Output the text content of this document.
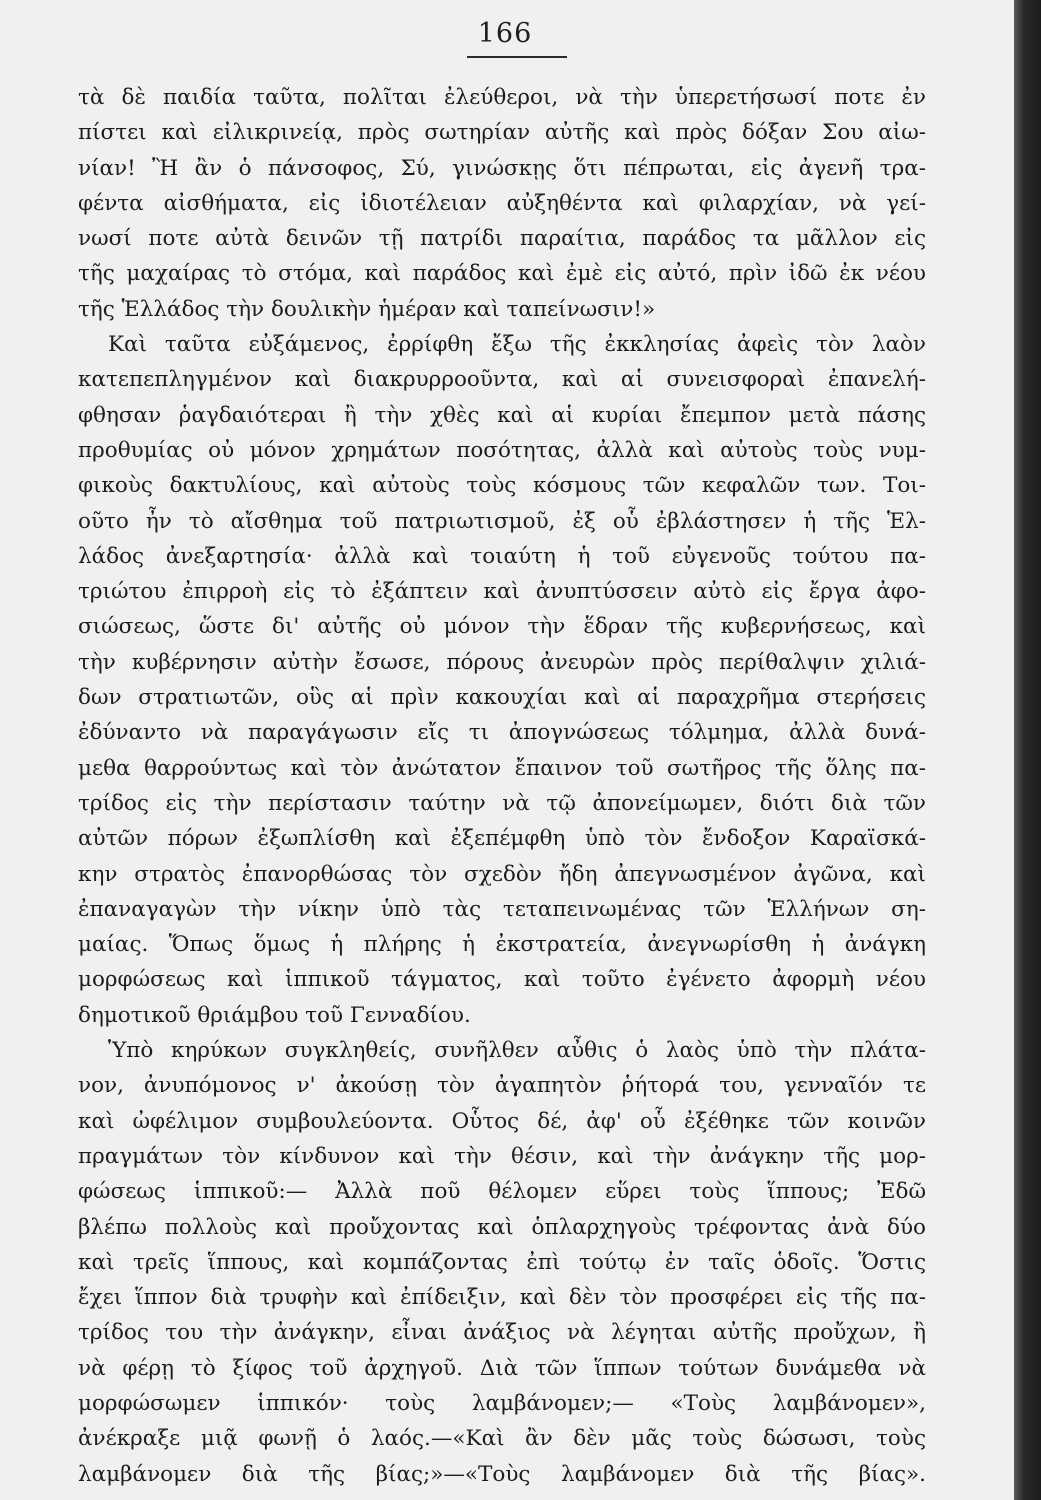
166
τὰ δὲ παιδία ταῦτα, πολῖται ἐλεύθεροι, νὰ τὴν ὑπερετήσωσί ποτε ἐν
πίστει καὶ εἰλικρινείᾳ, πρὸς σωτηρίαν αὐτῆς καὶ πρὸς δόξαν Σου αἰω-
νίαν! Ἢ ἂν ὁ πάνσοφος, Σύ, γινώσκῃς ὅτι πέπρωται, εἰς ἀγενῆ τρα-
φέντα αἰσθήματα, εἰς ἰδιοτέλειαν αὐξηθέντα καὶ φιλαρχίαν, νὰ γεί-
νωσί ποτε αὐτὰ δεινῶν τῇ πατρίδι παραίτια, παράδος τα μᾶλλον εἰς
τῆς μαχαίρας τὸ στόμα, καὶ παράδος καὶ ἐμὲ εἰς αὐτό, πρὶν ἰδῶ ἐκ νέου
τῆς Ἑλλάδος τὴν δουλικὴν ἡμέραν καὶ ταπείνωσιν!»
Καὶ ταῦτα εὐξάμενος, ἐρρίφθη ἔξω τῆς ἐκκλησίας ἀφεὶς τὸν λαὸν
κατεπεπληγμένον καὶ διακρυρροοῦντα, καὶ αἱ συνεισφοραὶ ἐπανελή-
φθησαν ῥαγδαιότεραι ἢ τὴν χθὲς καὶ αἱ κυρίαι ἔπεμπον μετὰ πάσης
προθυμίας οὐ μόνον χρημάτων ποσότητας, ἀλλὰ καὶ αὐτοὺς τοὺς νυμ-
φικοὺς δακτυλίους, καὶ αὐτοὺς τοὺς κόσμους τῶν κεφαλῶν των. Τοι-
οῦτο ἦν τὸ αἴσθημα τοῦ πατριωτισμοῦ, ἐξ οὗ ἐβλάστησεν ἡ τῆς Ἑλ-
λάδος ἀνεξαρτησία· ἀλλὰ καὶ τοιαύτη ἡ τοῦ εὐγενοῦς τούτου πα-
τριώτου ἐπιρροὴ εἰς τὸ ἐξάπτειν καὶ ἀνυπτύσσειν αὐτὸ εἰς ἔργα ἀφο-
σιώσεως, ὥστε δι' αὐτῆς οὐ μόνον τὴν ἕδραν τῆς κυβερνήσεως, καὶ
τὴν κυβέρνησιν αὐτὴν ἔσωσε, πόρους ἀνευρὼν πρὸς περίθαλψιν χιλιά-
δων στρατιωτῶν, οὓς αἱ πρὶν κακουχίαι καὶ αἱ παραχρῆμα στερήσεις
ἐδύναντο νὰ παραγάγωσιν εἴς τι ἀπογνώσεως τόλμημα, ἀλλὰ δυνά-
μεθα θαρρούντως καὶ τὸν ἀνώτατον ἔπαινον τοῦ σωτῆρος τῆς ὅλης πα-
τρίδος εἰς τὴν περίστασιν ταύτην νὰ τῷ ἀπονείμωμεν, διότι διὰ τῶν
αὐτῶν πόρων ἐξωπλίσθη καὶ ἐξεπέμφθη ὑπὸ τὸν ἔνδοξον Καραϊσκά-
κην στρατὸς ἐπανορθώσας τὸν σχεδὸν ἤδη ἀπεγνωσμένον ἀγῶνα, καὶ
ἐπαναγαγὼν τὴν νίκην ὑπὸ τὰς τεταπεινωμένας τῶν Ἑλλήνων ση-
μαίας. Ὅπως ὅμως ἡ πλήρης ἡ ἐκστρατεία, ἀνεγνωρίσθη ἡ ἀνάγκη
μορφώσεως καὶ ἱππικοῦ τάγματος, καὶ τοῦτο ἐγένετο ἀφορμὴ νέου
δημοτικοῦ θριάμβου τοῦ Γενναδίου.
Ὑπὸ κηρύκων συγκληθείς, συνῆλθεν αὖθις ὁ λαὸς ὑπὸ τὴν πλάτα-
νον, ἀνυπόμονος ν' ἀκούσῃ τὸν ἀγαπητὸν ῥήτορά του, γενναῖόν τε
καὶ ὠφέλιμον συμβουλεύοντα. Οὗτος δέ, ἀφ' οὗ ἐξέθηκε τῶν κοινῶν
πραγμάτων τὸν κίνδυνον καὶ τὴν θέσιν, καὶ τὴν ἀνάγκην τῆς μορ-
φώσεως ἱππικοῦ:— Ἀλλὰ ποῦ θέλομεν εὕρει τοὺς ἵππους; Ἐδῶ
βλέπω πολλοὺς καὶ προὔχοντας καὶ ὁπλαρχηγοὺς τρέφοντας ἀνὰ δύο
καὶ τρεῖς ἵππους, καὶ κομπάζοντας ἐπὶ τούτῳ ἐν ταῖς ὁδοῖς. Ὅστις
ἔχει ἵππον διὰ τρυφὴν καὶ ἐπίδειξιν, καὶ δὲν τὸν προσφέρει εἰς τῆς πα-
τρίδος του τὴν ἀνάγκην, εἶναι ἀνάξιος νὰ λέγηται αὐτῆς προὔχων, ἢ
νὰ φέρῃ τὸ ξίφος τοῦ ἀρχηγοῦ. Διὰ τῶν ἵππων τούτων δυνάμεθα νὰ
μορφώσωμεν ἱππικόν· τοὺς λαμβάνομεν;— «Τοὺς λαμβάνομεν»,
ἀνέκραξε μιᾷ φωνῇ ὁ λαός.—«Καὶ ἂν δὲν μᾶς τοὺς δώσωσι, τοὺς
λαμβάνομεν διὰ τῆς βίας;»—«Τοὺς λαμβάνομεν διὰ τῆς βίας».
